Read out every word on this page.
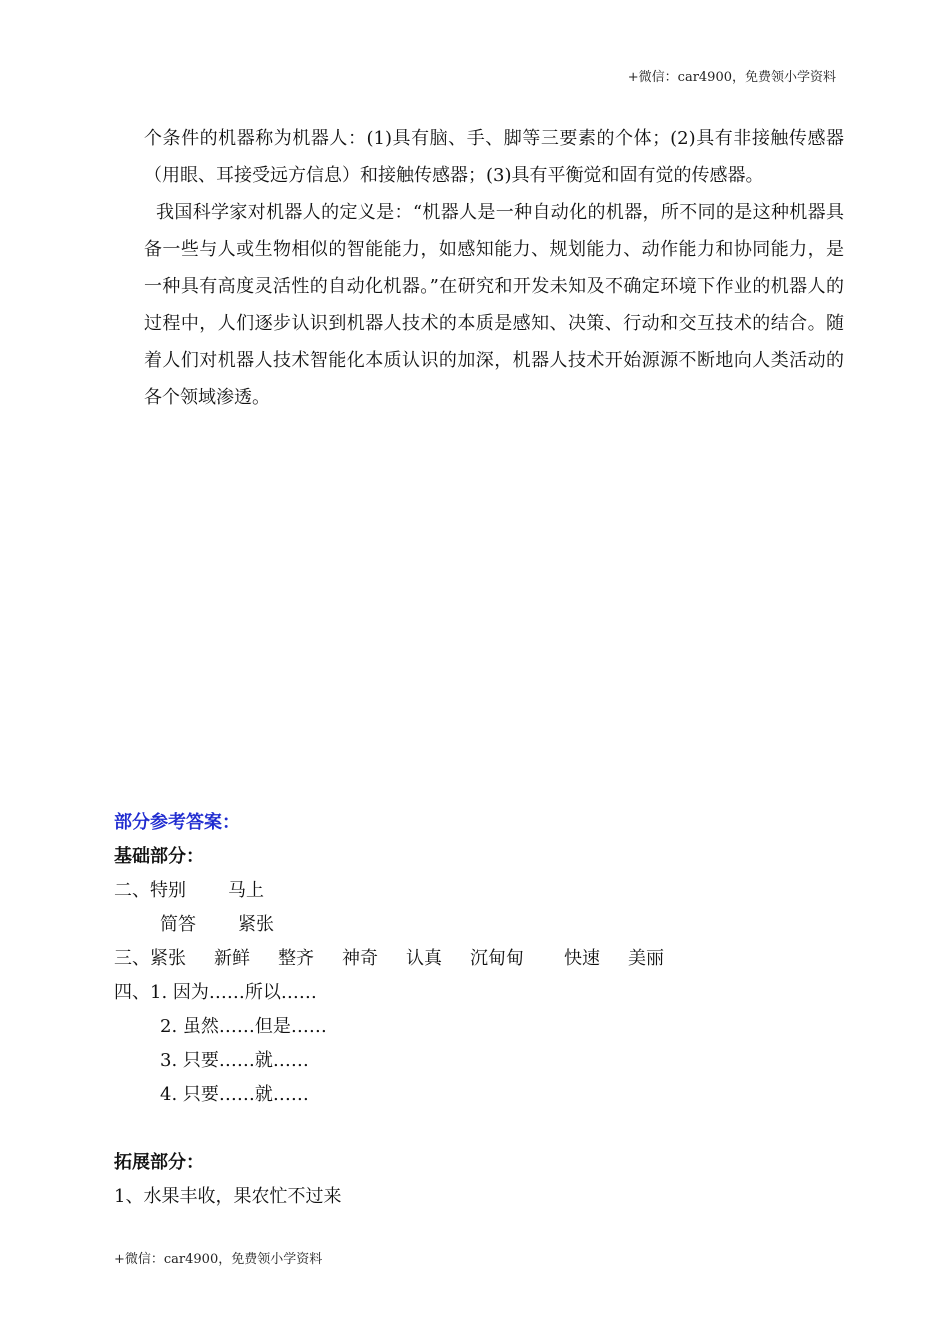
+微信：car4900，免费领小学资料

个条件的机器称为机器人：(1)具有脑、手、脚等三要素的个体；(2)具有非接触传感器（用眼、耳接受远方信息）和接触传感器；(3)具有平衡觉和固有觉的传感器。

我国科学家对机器人的定义是：“机器人是一种自动化的机器，所不同的是这种机器具备一些与人或生物相似的智能能力，如感知能力、规划能力、动作能力和协同能力，是一种具有高度灵活性的自动化机器。”在研究和开发未知及不确定环境下作业的机器人的过程中，人们逐步认识到机器人技术的本质是感知、决策、行动和交互技术的结合。随着人们对机器人技术智能化本质认识的加深，机器人技术开始源源不断地向人类活动的各个领域渗透。

部分参考答案：
基础部分：
二、特别 马上
简答 紧张
三、紧张 新鲜 整齐 神奇 认真 沉甸甸 快速 美丽
四、1. 因为……所以……
2. 虽然……但是……
3. 只要……就……
4. 只要……就……
拓展部分：
1、水果丰收，果农忙不过来
+微信：car4900，免费领小学资料
